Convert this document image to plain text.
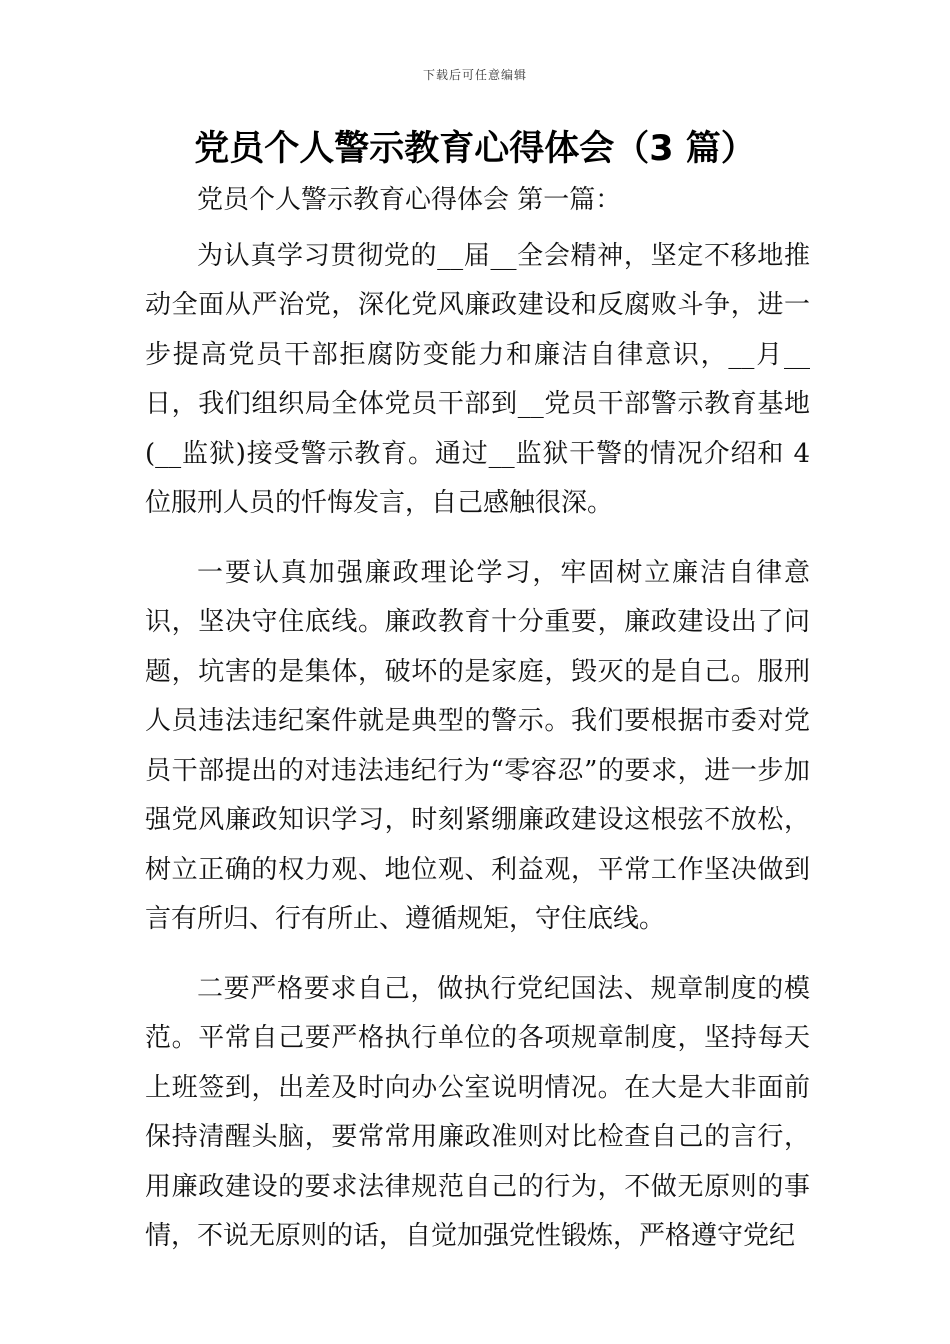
下载后可任意编辑
党员个人警示教育心得体会（3 篇）

党员个人警示教育心得体会 第一篇：

为认真学习贯彻党的__届__全会精神，坚定不移地推动全面从严治党，深化党风廉政建设和反腐败斗争，进一步提高党员干部拒腐防变能力和廉洁自律意识，__月__日，我们组织局全体党员干部到__党员干部警示教育基地(__监狱)接受警示教育。通过__监狱干警的情况介绍和 4 位服刑人员的忏悔发言，自己感触很深。

一要认真加强廉政理论学习，牢固树立廉洁自律意识，坚决守住底线。廉政教育十分重要，廉政建设出了问题，坑害的是集体，破坏的是家庭，毁灭的是自己。服刑人员违法违纪案件就是典型的警示。我们要根据市委对党员干部提出的对违法违纪行为“零容忍”的要求，进一步加强党风廉政知识学习，时刻紧绷廉政建设这根弦不放松，树立正确的权力观、地位观、利益观，平常工作坚决做到言有所归、行有所止、遵循规矩，守住底线。

二要严格要求自己，做执行党纪国法、规章制度的模范。平常自己要严格执行单位的各项规章制度，坚持每天上班签到，出差及时向办公室说明情况。在大是大非面前保持清醒头脑，要常常用廉政准则对比检查自己的言行，用廉政建设的要求法律规范自己的行为，不做无原则的事情，不说无原则的话，自觉加强党性锻炼，严格遵守党纪
